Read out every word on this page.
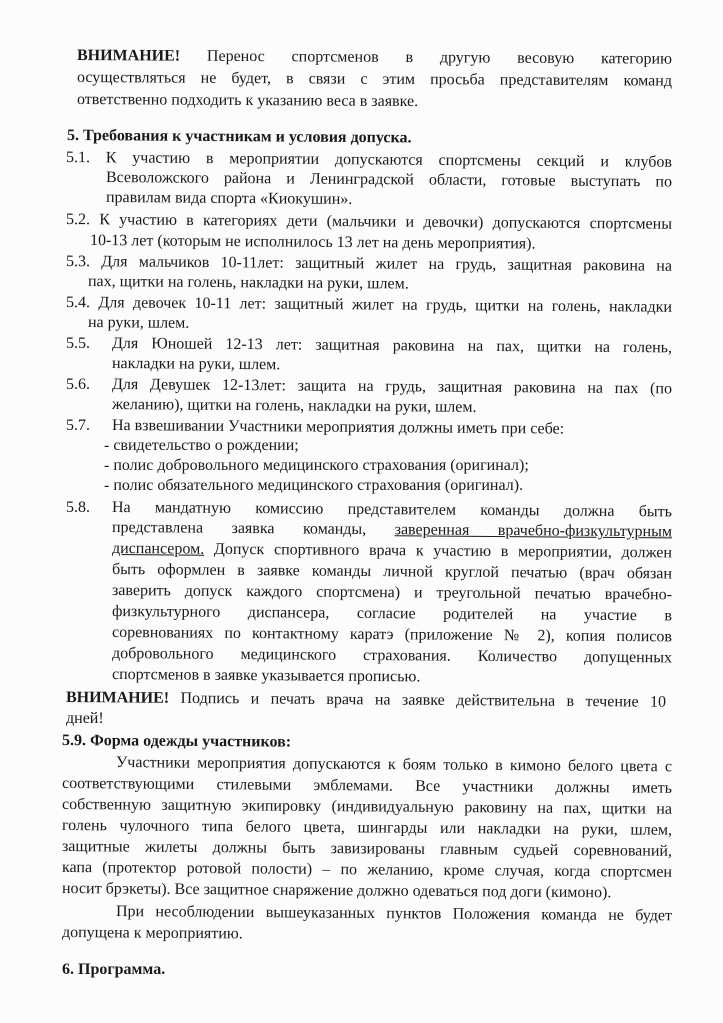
ВНИМАНИЕ! Перенос спортсменов в другую весовую категорию
осуществляться не будет, в связи с этим просьба представителям команд
ответственно подходить к указанию веса в заявке.
5. Требования к участникам и условия допуска.
5.1. К участию в мероприятии допускаются спортсмены секций и клубов
Всеволожского района и Ленинградской области, готовые выступать по
правилам вида спорта «Киокушин».
5.2. К участию в категориях дети (мальчики и девочки) допускаются спортсмены
10-13 лет (которым не исполнилось 13 лет на день мероприятия).
5.3. Для мальчиков 10-11лет: защитный жилет на грудь, защитная раковина на
пах, щитки на голень, накладки на руки, шлем.
5.4. Для девочек 10-11 лет: защитный жилет на грудь, щитки на голень, накладки
на руки, шлем.
5.5. Для Юношей 12-13 лет: защитная раковина на пах, щитки на голень,
накладки на руки, шлем.
5.6. Для Девушек 12-13лет: защита на грудь, защитная раковина на пах (по
желанию), щитки на голень, накладки на руки, шлем.
5.7. На взвешивании Участники мероприятия должны иметь при себе:
- свидетельство о рождении;
- полис добровольного медицинского страхования (оригинал);
- полис обязательного медицинского страхования (оригинал).
5.8. На мандатную комиссию представителем команды должна быть
представлена заявка команды, заверенная врачебно-физкультурным
диспансером. Допуск спортивного врача к участию в мероприятии, должен
быть оформлен в заявке команды личной круглой печатью (врач обязан
заверить допуск каждого спортсмена) и треугольной печатью врачебно-
физкультурного диспансера, согласие родителей на участие в
соревнованиях по контактному каратэ (приложение № 2), копия полисов
добровольного медицинского страхования. Количество допущенных
спортсменов в заявке указывается прописью.
ВНИМАНИЕ! Подпись и печать врача на заявке действительна в течение 10
дней!
5.9. Форма одежды участников:
Участники мероприятия допускаются к боям только в кимоно белого цвета с
соответствующими стилевыми эмблемами. Все участники должны иметь
собственную защитную экипировку (индивидуальную раковину на пах, щитки на
голень чулочного типа белого цвета, шингарды или накладки на руки, шлем,
защитные жилеты должны быть завизированы главным судьей соревнований,
капа (протектор ротовой полости) – по желанию, кроме случая, когда спортсмен
носит брэкеты). Все защитное снаряжение должно одеваться под доги (кимоно).
При несоблюдении вышеуказанных пунктов Положения команда не будет
допущена к мероприятию.
6. Программа.
